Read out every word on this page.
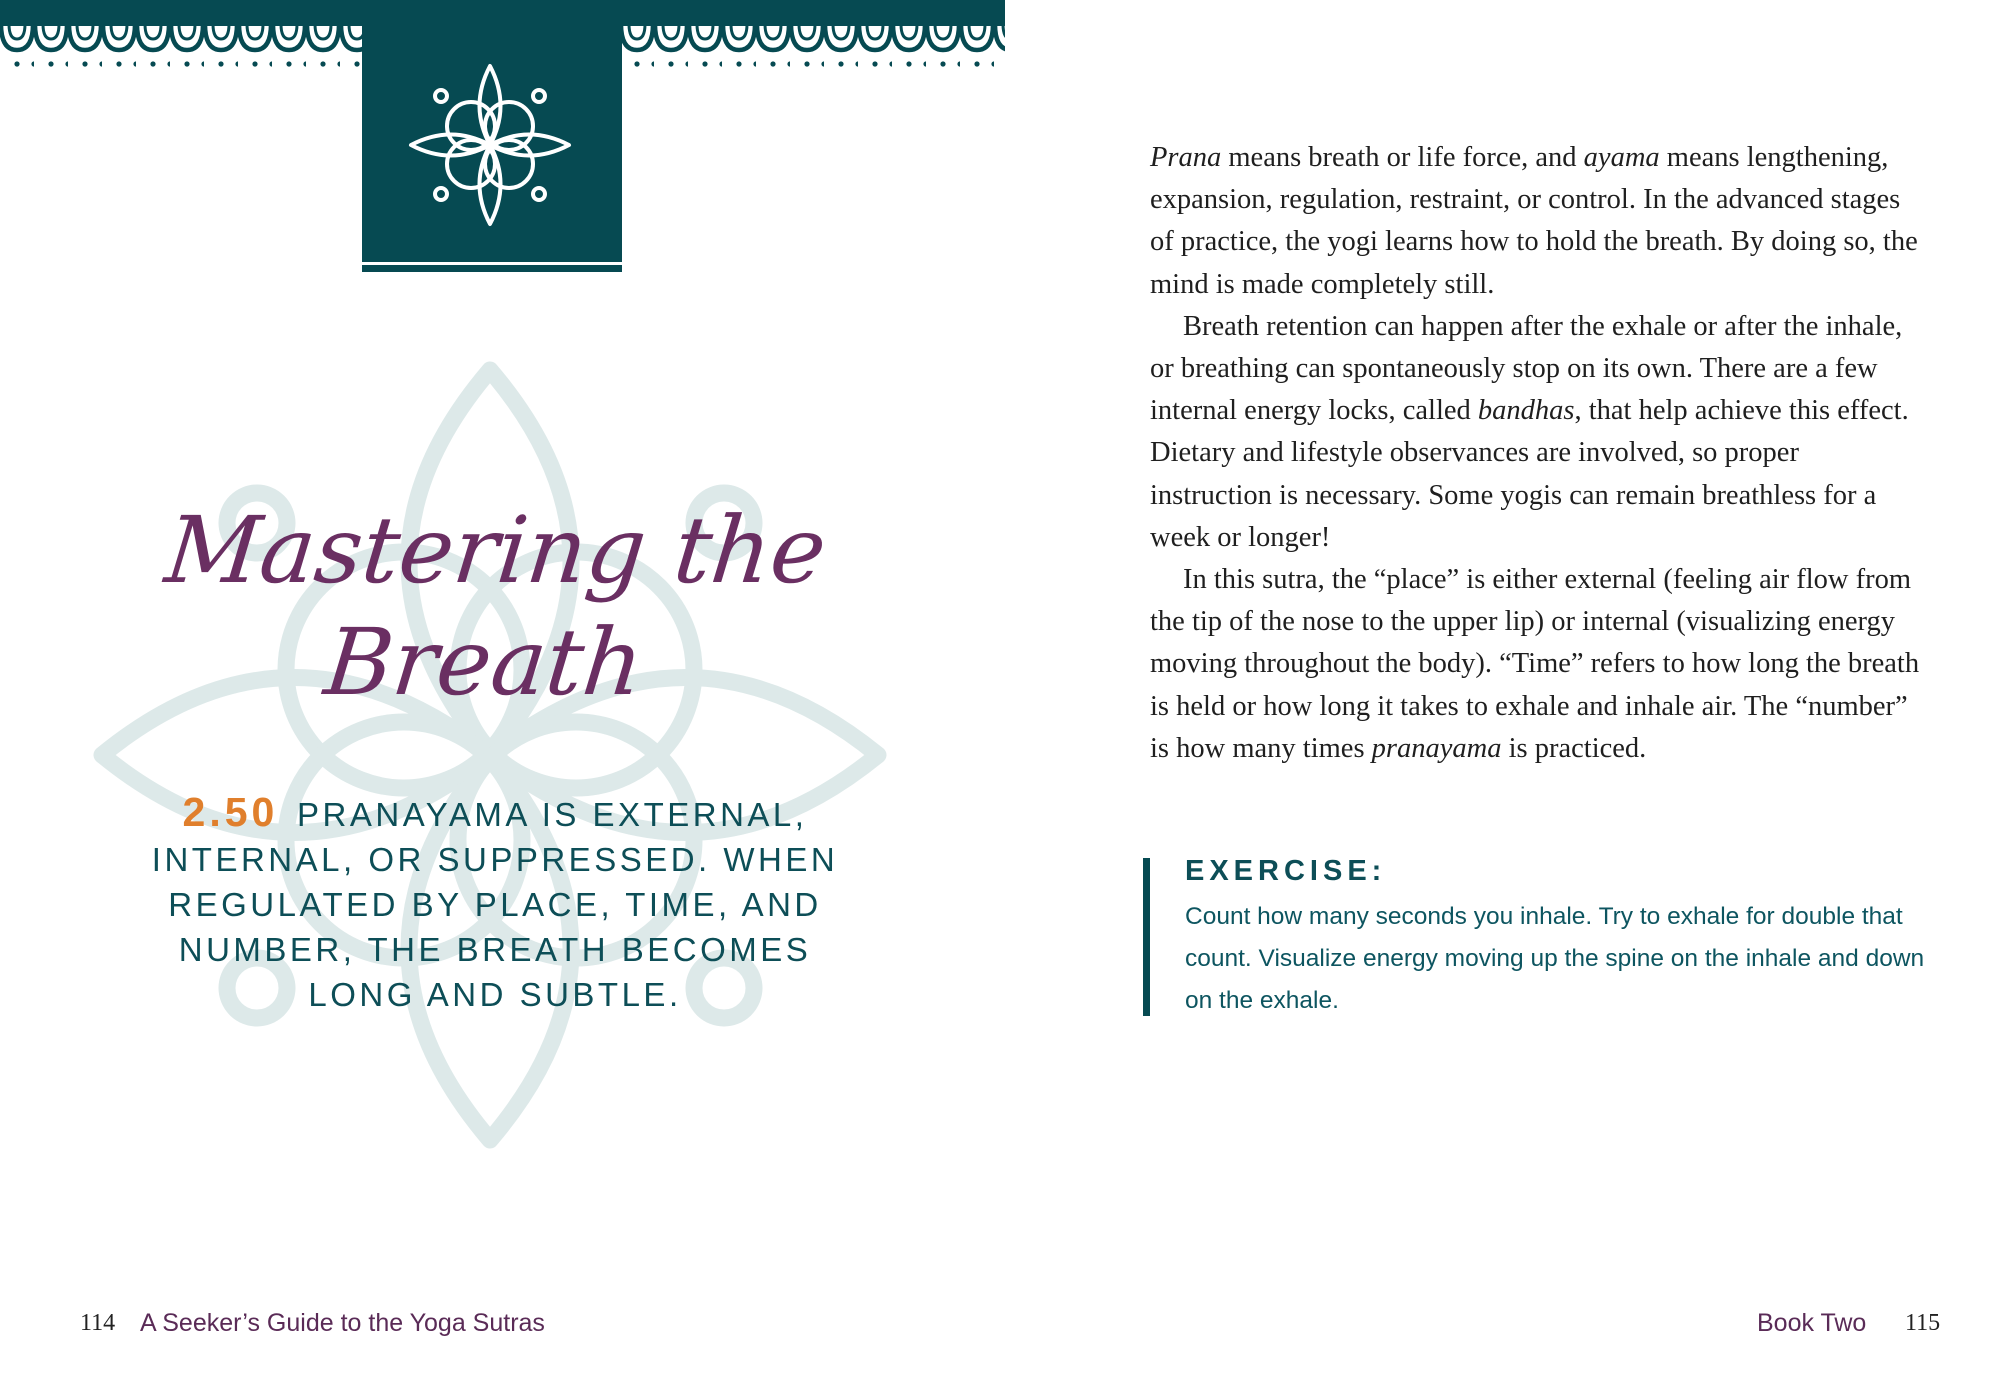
Mastering the
Breath

2.50 PRANAYAMA IS EXTERNAL, INTERNAL, OR SUPPRESSED. WHEN REGULATED BY PLACE, TIME, AND NUMBER, THE BREATH BECOMES LONG AND SUBTLE.

114 A Seeker’s Guide to the Yoga Sutras

Prana means breath or life force, and ayama means lengthening, expansion, regulation, restraint, or control. In the advanced stages of practice, the yogi learns how to hold the breath. By doing so, the mind is made completely still.

Breath retention can happen after the exhale or after the inhale, or breathing can spontaneously stop on its own. There are a few internal energy locks, called bandhas, that help achieve this effect. Dietary and lifestyle observances are involved, so proper instruction is necessary. Some yogis can remain breathless for a week or longer!

In this sutra, the “place” is either external (feeling air flow from the tip of the nose to the upper lip) or internal (visualizing energy moving throughout the body). “Time” refers to how long the breath is held or how long it takes to exhale and inhale air. The “number” is how many times pranayama is practiced.

EXERCISE:

Count how many seconds you inhale. Try to exhale for double that count. Visualize energy moving up the spine on the inhale and down on the exhale.

Book Two 115
